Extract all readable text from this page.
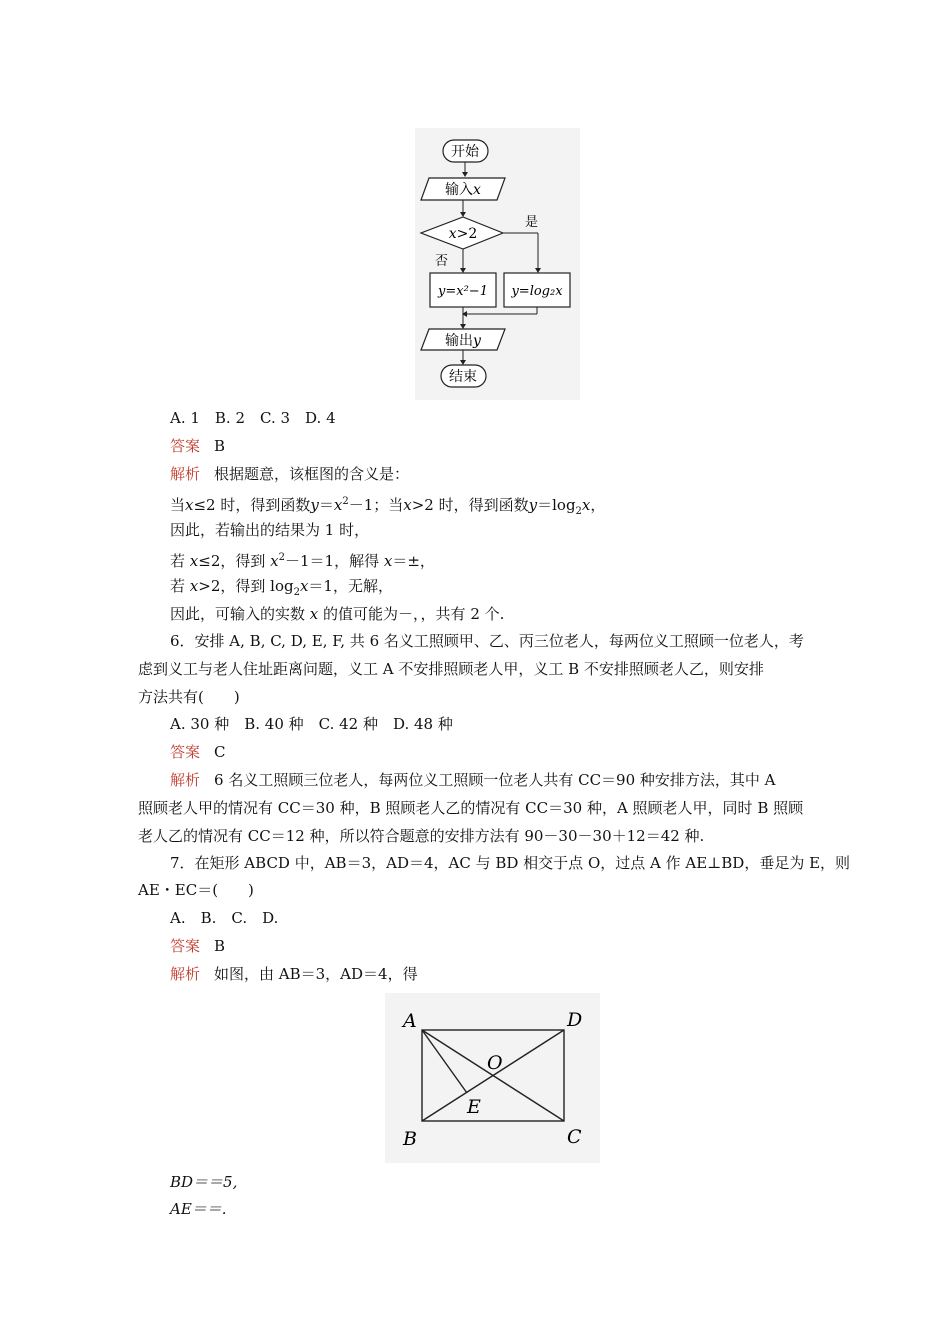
开始
输入x
x>2
是
否
y=x²−1 y=log₂x
输出y
结束
A. 1　B. 2　C. 3　D. 4
答案 B
解析 根据题意，该框图的含义是：
当x≤2 时，得到函数$y=x^2-1$；当x>2 时，得到函数$y=\log_2x$，
因此，若输出的结果为 1 时，
若 x≤2，得到 $x^2-1=1$，解得 x＝±，
若 x>2，得到 $\log_2x=1$，无解，
因此，可输入的实数 x 的值可能为－，，共有 2 个.
6．安排 A, B, C, D, E, F, 共 6 名义工照顾甲、乙、丙三位老人，每两位义工照顾一位老人，考
虑到义工与老人住址距离问题，义工 A 不安排照顾老人甲，义工 B 不安排照顾老人乙，则安排
方法共有(　　)
A. 30 种　B. 40 种　C. 42 种　D. 48 种
答案 C
解析 6 名义工照顾三位老人，每两位义工照顾一位老人共有 CC＝90 种安排方法，其中 A
照顾老人甲的情况有 CC＝30 种，B 照顾老人乙的情况有 CC＝30 种，A 照顾老人甲，同时 B 照顾
老人乙的情况有 CC＝12 种，所以符合题意的安排方法有 90－30－30＋12＝42 种.
7．在矩形 ABCD 中，AB＝3，AD＝4，AC 与 BD 相交于点 O，过点 A 作 AE⊥BD，垂足为 E，则
AE・EC＝(　　)
A.　B.　C.　D.
答案 B
解析 如图，由 AB＝3，AD＝4，得
A	D
B	C
O
E
BD＝＝5,
AE＝＝.
